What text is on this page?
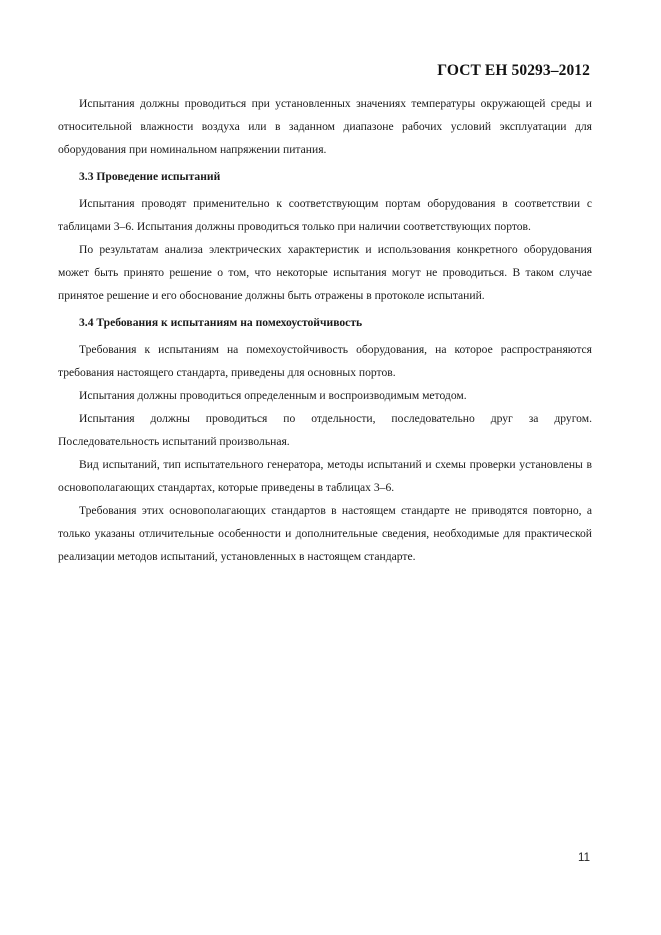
ГОСТ ЕН 50293–2012

Испытания должны проводиться при установленных значениях температуры окружающей среды и относительной влажности воздуха или в заданном диапазоне рабочих условий эксплуатации для оборудования при номинальном напряжении питания.

3.3 Проведение испытаний

Испытания проводят применительно к соответствующим портам оборудования в соответствии с таблицами 3–6. Испытания должны проводиться только при наличии соответствующих портов.

По результатам анализа электрических характеристик и использования конкретного оборудования может быть принято решение о том, что некоторые испытания могут не проводиться. В таком случае принятое решение и его обоснование должны быть отражены в протоколе испытаний.

3.4 Требования к испытаниям на помехоустойчивость

Требования к испытаниям на помехоустойчивость оборудования, на которое распространяются требования настоящего стандарта, приведены для основных портов.

Испытания должны проводиться определенным и воспроизводимым методом.

Испытания должны проводиться по отдельности, последовательно друг за другом. Последовательность испытаний произвольная.

Вид испытаний, тип испытательного генератора, методы испытаний и схемы проверки установлены в основополагающих стандартах, которые приведены в таблицах 3–6.

Требования этих основополагающих стандартов в настоящем стандарте не приводятся повторно, а только указаны отличительные особенности и дополнительные сведения, необходимые для практической реализации методов испытаний, установленных в настоящем стандарте.

11
